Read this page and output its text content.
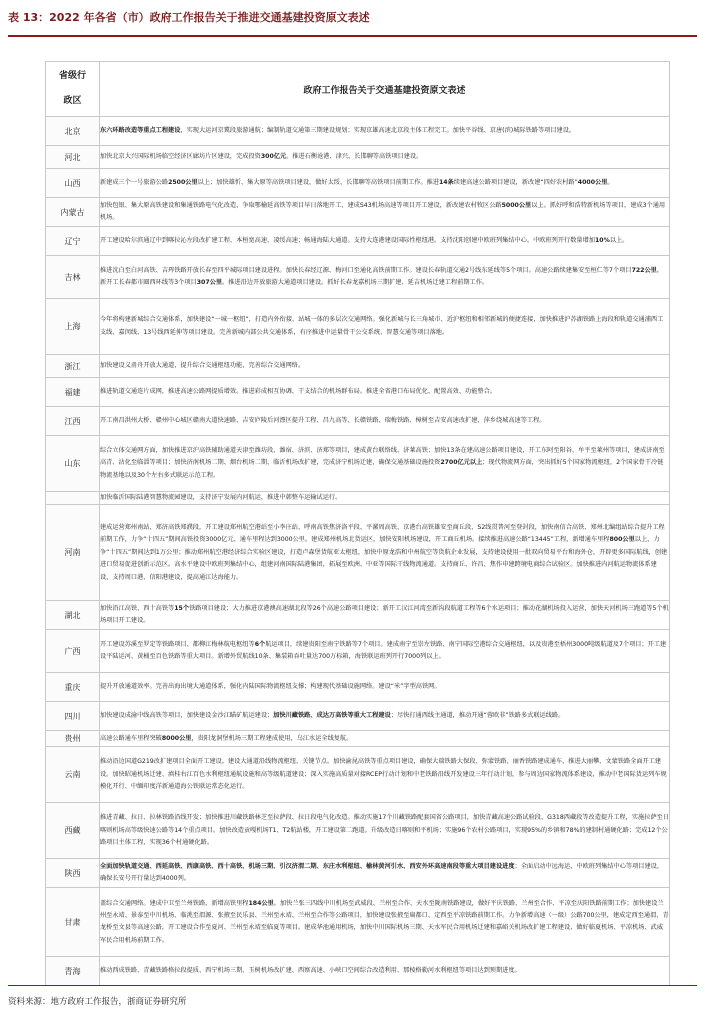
表 13：2022 年各省（市）政府工作报告关于推进交通基建投资原文表述
省级行
政区	政府工作报告关于交通基建投资原文表述
北京	东六环路改造等重点工程建设，实现大运河京冀段旅游通航；编制轨道交通第三期建设规划；实现京雄高速北京段主体工程完工。加快平谷线、京唐(滨)城际铁路等项目建设。
河北	加快北京大兴国际机场临空经济区廊坊片区建设，完成投资300亿元。推进石衡沧港、津兴、长邯聊等高铁项目建设。
山西	新建成三个一号旅游公路2500公里以上；加快雄忻、集大原等高铁项目建设，做好太绥、长邯聊等高铁项目前期工作。推进14条续建高速公路项目建设，新改建“四好农村路”4000公里。
内蒙古	加快包银、集大原高铁建设和集通铁路电气化改造，争取鄂榆延高铁等项目早日落地开工，建成S43机场高速等项目开工建设，新改建农村牧区公路5000公里以上。抓好呼和浩特新机场等项目，建成3个通用机场。
辽宁	开工建设哈尔滨通辽中到喀拉沁左段改扩建工程、本桓宽高速、凌绥高速；畅通海陆大通道。支持大连港建设国际性枢纽港。支持沈阳创建中欧班列集结中心。中欧班列开行数量增加10%以上。
吉林	推进沈白至白河高铁、吉珲铁路开放长春至四平城际项目建设进程。加快长春经辽源、梅河口至通化高铁前期工作。建设长春轨道交通2号线东延线等5个项目。高速公路续建集安至桓仁等7个项目722公里，新开工长春都市圈西环线等3个项目307公里。推进沿边开放旅游大通道项目建设。抓好长春龙嘉机场三期扩建、延吉机场迁建工程前期工作。
上海	今年将构建新城综合交通体系，加快建设“一城一枢纽”，打造内外衔接、站城一体的多层次交通网络。强化新城与长三角城市、近沪枢纽和相邻新城的便捷连接，加快推进沪苏湖铁路上海段和轨道交通浦西工支线、嘉闵线、13号线西延伸等项目建设。完善新城内部公共交通体系，有序推进中运量骨干公交系统、智慧交通等项目落地。
浙江	加快建设义甬舟开放大通道，提升综合交通枢纽功能，完善综合交通网络。
福建	推进轨道交通连片成网，推进高速公路网提质增效。推进彩成相互协调、干支结合的机场群布局。推进全省港口布局优化、配置高效、功能整合。
江西	开工南昌洪州大桥、赣州中心城区赣南大道快速路、吉安庐陵后河漂区提升工程、昌九高等、长赣铁路、瑞梅铁路、樟树至吉安高速改扩建、萍乡绕城高速等工程。
山东	综合立体交通网方面，加快推进京沪高铁辅助通道天津至潍坊段、潍宿、济滨、济郑等项目，建成黄台联络线、济莱高铁；加快13条在建高速公路项目建设，开工东阿至阳谷、牟平至莱州等项目，建成济南至高青、沾化至临淄等项目；加快济南机场二期、烟台机场二期、临沂机场改扩建，完成济宁机场迁建，确保交通基础设施投资2700亿元以上；现代物流网方面，突出抓好5个国家物流枢纽，2个国家骨干冷链物流基地以及30个左右多式联运示范工程。
	加快临沂国际陆港智慧物流园建设，支持济宁发展内河航运，推进中韩整车运输试运行。
河南	建成运营郑州南站、郑济高铁郑濮段，开工建设郑州航空港站至小李庄站、呼南高铁焦济洛平段、平漯周高铁、京港台高铁雄安至商丘段、S2线贯普河至登封段，加快南信合高铁、郑州北编组站综合提升工程前期工作，力争“十四五”期间高铁投资3000亿元、通车里程达到3000公里。建成郑州机场北货运区，加快安阳机场建设，开工商丘机场。接续推进高速公路“13445”工程，新增通车里程800公里以上，力争“十四五”期间达到1万公里；推动郑州航空港经济综合实验区建设，打造卢森堡货航亚太枢纽，加快中原龙浩和中州航空等货航企业发展，支持建设使用一批双向贸易平台和海外仓，开辟更多国际航线，创建进口贸易促进创新示范区。高水平建设中欧班列集结中心，组建河南国际陆港集团，拓展至欧洲、中亚等国际干线物流通道。支持商丘、许昌、焦作申建跨境电商综合试验区。加快推进内河航运物流体系建设，支持周口港、信阳港建设，提高通江达海能力。
湖北	加快沿江高铁、西十高铁等15个铁路项目建设；大力推进京港澳高速湖北段等26个高速公路项目建设；新开工汉江河湾至新沟段航道工程等6个水运项目；推动花湖机场投入运营，加快天河机场三跑道等5个机场项目开工建设。
广西	开工建设苏溪至罗定等铁路项目、都柳江梅林航电枢纽等6个航运项目，续建贵阳至南宁铁路等7个项目。建成南宁至崇左铁路、南宁国际空港综合交通枢纽，以及贵港至梧州3000吨级航道及7个项目；开工建设平陆运河、黄桶至百色铁路等重大项目。新增外贸航线10条、集装箱吞吐量达700万标箱，海铁联运班列开行7000列以上。
重庆	提升开放通道效率。完善出海出境大通道体系，强化内陆国际物流枢纽支撑；构建现代基础设施网络。建设“米”字型高铁网。
四川	加快建设成渝中线高铁等项目，加快建设金沙江瞄矿航运建设；加快川藏铁路、成达万高铁等重大工程建设；尽快打通西线主通道，推动开通“蓉欧非”铁路多式联运线路。
贵州	高速公路通车里程突破8000公里，贵阳龙洞堡机场三期工程建成使用，乌江水运全线复航。
云南	推动沿边国道G219改扩建项目全面开工建设。建设大通道沿线物流枢纽、关键节点。加快渝昆高铁等重点项目建设，确保大瑞铁路大保段、弥蒙铁路、丽香铁路建成通车，推进大丽攀、文蒙铁路全面开工建设。加快昭通机场迁建、滇桂右江百色水利枢纽通航设施和高等级航道建设；深入实施高质量对接RCEP行动计划和中老铁路沿线开发建设三年行动计划，参与周边国家物流体系建设，推动中老国际货运列车规模化开行、中缅印度洋新通道海公铁联运常态化运行。
西藏	推进青藏、拉日、拉林铁路沿线开发；加快推进川藏铁路林芝至拉萨段、拉日段电气化改造。推动实施17个川藏铁路配套国省公路项目，加快青藏高速公路试验段、G318西藏段等改造提升工程，实施拉萨至日喀则机场高等级快速公路等14个重点项目。加快改造贡嘎机场T1、T2航站楼，开工建设第二跑道。升级改造日喀则和平机场；实施96个农村公路项目，实现95%的乡镇和78%的建制村通硬化路；完成12个公路项目主体工程，实现36个村通硬化路。
陕西	全面加快轨道交通、西延高铁、西康高铁、西十高铁、机场三期、引汉济渭二期、东庄水利枢纽、榆林黄河引水、西安外环高速南段等重大项目建设进度；全面启动中远海运、中欧班列集结中心等项目建设，确保长安号开行量达到4000列。
甘肃	盖综合交通网络。建成中卫至兰州铁路，新增高铁里程184公里。加快兰张三四线中川机场至武威段、兰州至合作、天水至陇南铁路建设，做好平庆铁路、兰州至合作、平凉至庆阳铁路前期工作；加快建设兰州至永靖、景泰至中川机场、临洮至渭源、张掖至民乐县、兰州至永靖、兰州至合作等公路项目，加快建设张掖至扁都口、定西至平凉铁路前期工作。力争新增高速（一级）公路700公里，建成定西至通渭、青龙桥至文县等高速公路，开工建设合作至夏河、兰州至永靖至临夏等项目。建成华池通用机场，加快中川国际机场三期、天水军民合用机场迁建和嘉峪关机场改扩建工程建设，做好临夏机场、平凉机场、武威军民合用机场前期工作。
青海	推动西成铁路、青藏铁路格拉段提质、西宁机场三期、玉树机场改扩建、西察高速、小峡口空间综合改造利用、那棱格勒河水利枢纽等项目达到预期进度。
资料来源：地方政府工作报告，浙商证券研究所
